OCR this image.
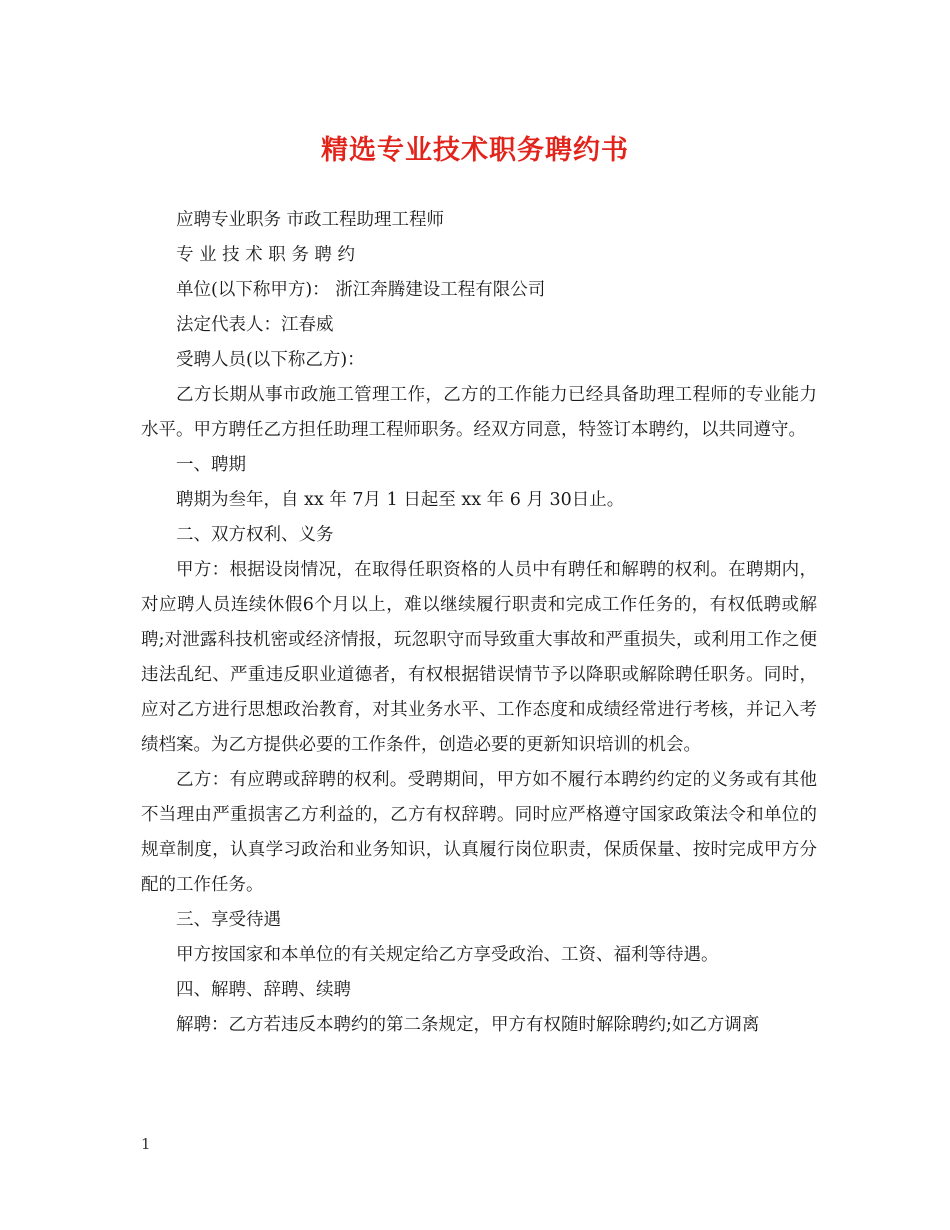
精选专业技术职务聘约书

应聘专业职务 市政工程助理工程师

专 业 技 术 职 务 聘 约

单位(以下称甲方)： 浙江奔腾建设工程有限公司

法定代表人：江春威

受聘人员(以下称乙方)：

乙方长期从事市政施工管理工作，乙方的工作能力已经具备助理工程师的专业能力水平。甲方聘任乙方担任助理工程师职务。经双方同意，特签订本聘约，以共同遵守。

一、聘期

聘期为叁年，自 xx 年 7月 1 日起至 xx 年 6 月 30日止。

二、双方权利、义务

甲方：根据设岗情况，在取得任职资格的人员中有聘任和解聘的权利。在聘期内，对应聘人员连续休假6个月以上，难以继续履行职责和完成工作任务的，有权低聘或解聘;对泄露科技机密或经济情报，玩忽职守而导致重大事故和严重损失，或利用工作之便违法乱纪、严重违反职业道德者，有权根据错误情节予以降职或解除聘任职务。同时，应对乙方进行思想政治教育，对其业务水平、工作态度和成绩经常进行考核，并记入考绩档案。为乙方提供必要的工作条件，创造必要的更新知识培训的机会。

乙方：有应聘或辞聘的权利。受聘期间，甲方如不履行本聘约约定的义务或有其他不当理由严重损害乙方利益的，乙方有权辞聘。同时应严格遵守国家政策法令和单位的规章制度，认真学习政治和业务知识，认真履行岗位职责，保质保量、按时完成甲方分配的工作任务。

三、享受待遇

甲方按国家和本单位的有关规定给乙方享受政治、工资、福利等待遇。

四、解聘、辞聘、续聘

解聘：乙方若违反本聘约的第二条规定，甲方有权随时解除聘约;如乙方调离

1
